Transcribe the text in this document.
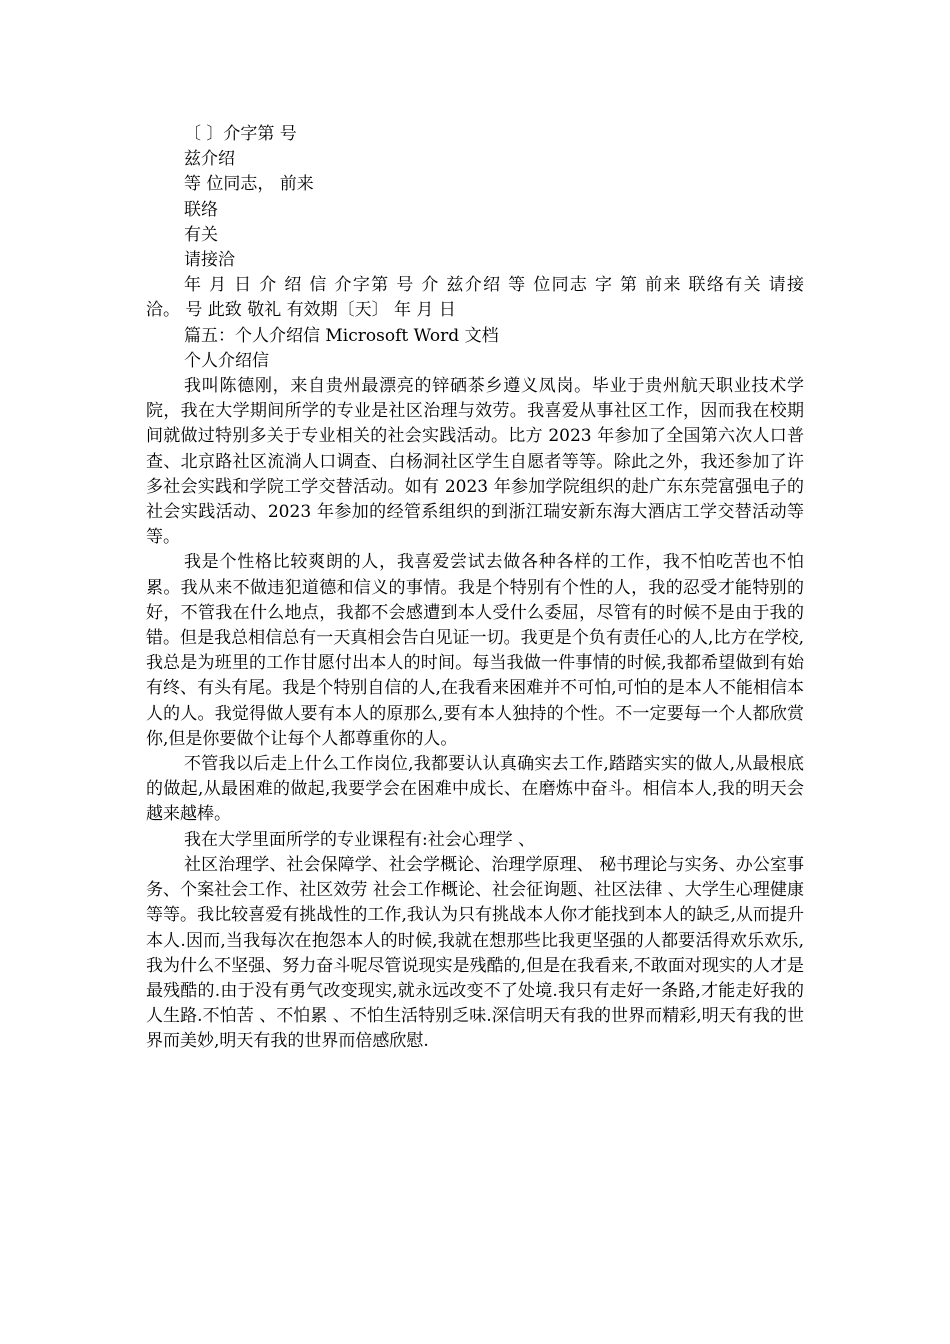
〔 〕介字第 号
兹介绍
等 位同志， 前来
联络
有关
请接洽
年 月 日 介 绍 信 介字第 号 介 兹介绍 等 位同志 字 第 前来 联络有关 请接
洽。 号 此致 敬礼 有效期〔天〕 年 月 日
篇五：个人介绍信 Microsoft Word 文档
个人介绍信

我叫陈德刚，来自贵州最漂亮的锌硒茶乡遵义凤岗。毕业于贵州航天职业技术学院，我在大学期间所学的专业是社区治理与效劳。我喜爱从事社区工作，因而我在校期间就做过特别多关于专业相关的社会实践活动。比方 2023 年参加了全国第六次人口普查、北京路社区流淌人口调查、白杨洞社区学生自愿者等等。除此之外，我还参加了许多社会实践和学院工学交替活动。如有 2023 年参加学院组织的赴广东东莞富强电子的社会实践活动、2023 年参加的经管系组织的到浙江瑞安新东海大酒店工学交替活动等等。

我是个性格比较爽朗的人，我喜爱尝试去做各种各样的工作，我不怕吃苦也不怕累。我从来不做违犯道德和信义的事情。我是个特别有个性的人，我的忍受才能特别的好，不管我在什么地点，我都不会感遭到本人受什么委屈，尽管有的时候不是由于我的错。但是我总相信总有一天真相会告白见证一切。我更是个负有责任心的人,比方在学校,我总是为班里的工作甘愿付出本人的时间。每当我做一件事情的时候,我都希望做到有始有终、有头有尾。我是个特别自信的人,在我看来困难并不可怕,可怕的是本人不能相信本人的人。我觉得做人要有本人的原那么,要有本人独持的个性。不一定要每一个人都欣赏你,但是你要做个让每个人都尊重你的人。

不管我以后走上什么工作岗位,我都要认认真确实去工作,踏踏实实的做人,从最根底的做起,从最困难的做起,我要学会在困难中成长、在磨炼中奋斗。相信本人,我的明天会越来越棒。

我在大学里面所学的专业课程有:社会心理学 、

社区治理学、社会保障学、社会学概论、治理学原理、 秘书理论与实务、办公室事务、个案社会工作、社区效劳 社会工作概论、社会征询题、社区法律 、大学生心理健康等等。我比较喜爱有挑战性的工作,我认为只有挑战本人你才能找到本人的缺乏,从而提升本人.因而,当我每次在抱怨本人的时候,我就在想那些比我更坚强的人都要活得欢乐欢乐,我为什么不坚强、努力奋斗呢尽管说现实是残酷的,但是在我看来,不敢面对现实的人才是最残酷的.由于没有勇气改变现实,就永远改变不了处境.我只有走好一条路,才能走好我的人生路.不怕苦 、不怕累 、不怕生活特别乏味.深信明天有我的世界而精彩,明天有我的世界而美妙,明天有我的世界而倍感欣慰.
